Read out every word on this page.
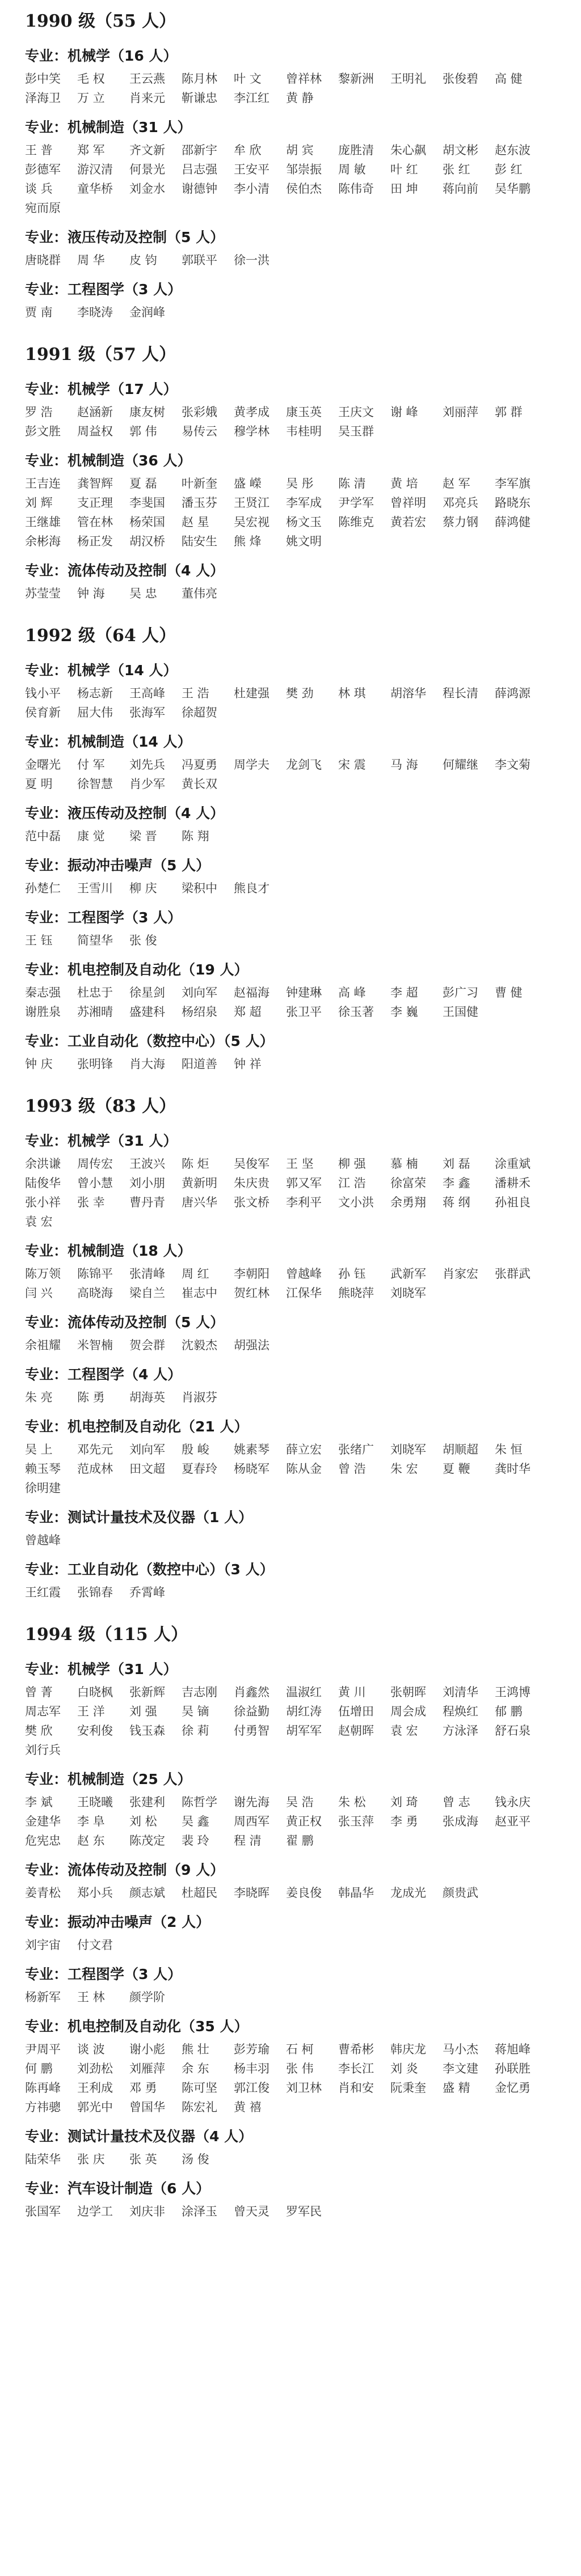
1990 级（55 人）
专业：机械学（16 人）
彭中笑	毛 权	王云燕	陈月林	叶 文	曾祥林	黎新洲	王明礼	张俊碧	高 健
泽海卫	万 立	肖来元	靳谦忠	李江红	黄 静
专业：机械制造（31 人）
王 普	郑 军	齐文新	邵新宇	牟 欣	胡 宾	庞胜清	朱心飙	胡文彬	赵东波
彭德军	游汉清	何景光	吕志强	王安平	邹崇振	周 敏	叶 红	张 红	彭 红
谈 兵	童华桥	刘金水	谢德钟	李小清	侯伯杰	陈伟奇	田 坤	蒋向前	吴华鹏
宛而原
专业：液压传动及控制（5 人）
唐晓群	周 华	皮 钧	郭联平	徐一洪
专业：工程图学（3 人）
贾 南	李晓涛	金润峰
1991 级（57 人）
专业：机械学（17 人）
罗 浩	赵涵新	康友树	张彩娥	黄孝成	康玉英	王庆文	谢 峰	刘丽萍	郭 群
彭文胜	周益权	郭 伟	易传云	穆学林	韦桂明	吴玉群
专业：机械制造（36 人）
王吉连	龚智辉	夏 磊	叶新奎	盛 嶸	吴 彤	陈 清	黄 培	赵 军	李军旗
刘 辉	支正理	李斐国	潘玉芬	王贤江	李军成	尹学军	曾祥明	邓亮兵	路晓东
王继雄	管在林	杨荣国	赵 星	吴宏视	杨文玉	陈维克	黄若宏	蔡力钢	薛鸿健
余彬海	杨正发	胡汉桥	陆安生	熊 烽	姚文明
专业：流体传动及控制（4 人）
苏莹莹	钟 海	吴 忠	董伟亮
1992 级（64 人）
专业：机械学（14 人）
钱小平	杨志新	王高峰	王 浩	杜建强	樊 劲	林 琪	胡溶华	程长清	薛鸿源
侯育新	屈大伟	张海军	徐超贺
专业：机械制造（14 人）
金曙光	付 军	刘先兵	冯夏勇	周学夫	龙剑飞	宋 震	马 海	何耀继	李文菊
夏 明	徐智慧	肖少军	黄长双
专业：液压传动及控制（4 人）
范中磊	康 觉	梁 晋	陈 翔
专业：振动冲击噪声（5 人）
孙楚仁	王雪川	柳 庆	梁积中	熊良才
专业：工程图学（3 人）
王 钰	简望华	张 俊
专业：机电控制及自动化（19 人）
秦志强	杜忠于	徐星剑	刘向军	赵福海	钟建琳	高 峰	李 超	彭广习	曹 健
谢胜泉	苏湘晴	盛建科	杨绍泉	郑 超	张卫平	徐玉著	李 巍	王国健
专业：工业自动化（数控中心）（5 人）
钟 庆	张明锋	肖大海	阳道善	钟 祥
1993 级（83 人）
专业：机械学（31 人）
余洪谦	周传宏	王波兴	陈 炬	吴俊军	王 坚	柳 强	慕 楠	刘 磊	涂重斌
陆俊华	曾小慧	刘小朋	黄新明	朱庆贵	郭又军	江 浩	徐富荣	李 鑫	潘耕禾
张小祥	张 幸	曹丹青	唐兴华	张文桥	李利平	文小洪	余勇翔	蒋 纲	孙祖良
袁 宏
专业：机械制造（18 人）
陈万领	陈锦平	张清峰	周 红	李朝阳	曾越峰	孙 钰	武新军	肖家宏	张群武
闫 兴	高晓海	梁自兰	崔志中	贺红林	江保华	熊晓萍	刘晓军
专业：流体传动及控制（5 人）
余祖耀	米智楠	贺会群	沈毅杰	胡强法
专业：工程图学（4 人）
朱 亮	陈 勇	胡海英	肖淑芬
专业：机电控制及自动化（21 人）
吴 上	邓先元	刘向军	殷 峻	姚素琴	薛立宏	张绪广	刘晓军	胡顺超	朱 恒
赖玉琴	范成林	田文超	夏春玲	杨晓军	陈从金	曾 浩	朱 宏	夏 鞭	龚时华
徐明建
专业：测试计量技术及仪器（1 人）
曾越峰
专业：工业自动化（数控中心）（3 人）
王红霞	张锦春	乔霄峰
1994 级（115 人）
专业：机械学（31 人）
曾 菁	白晓枫	张新辉	吉志刚	肖鑫然	温淑红	黄 川	张朝晖	刘清华	王鸿博
周志军	王 洋	刘 强	吴 镝	徐益勤	胡红涛	伍增田	周会成	程焕红	郁 鹏
樊 欣	安利俊	钱玉森	徐 莉	付勇智	胡军军	赵朝晖	袁 宏	方泳泽	舒石泉
刘行兵
专业：机械制造（25 人）
李 斌	王晓曦	张建利	陈哲学	谢先海	吴 浩	朱 松	刘 琦	曾 志	钱永庆
金建华	李 阜	刘 松	吴 鑫	周西军	黄正权	张玉萍	李 勇	张成海	赵亚平
危宪忠	赵 东	陈茂定	裴 玲	程 清	翟 鹏
专业：流体传动及控制（9 人）
姜青松	郑小兵	颜志斌	杜超民	李晓晖	姜良俊	韩晶华	龙成光	颜贵武
专业：振动冲击噪声（2 人）
刘宇宙	付文君
专业：工程图学（3 人）
杨新军	王 林	颜学阶
专业：机电控制及自动化（35 人）
尹周平	谈 波	谢小彪	熊 壮	彭芳瑜	石 柯	曹希彬	韩庆龙	马小杰	蒋旭峰
何 鹏	刘劲松	刘雁萍	余 东	杨丰羽	张 伟	李长江	刘 炎	李文建	孙联胜
陈再峰	王利成	邓 勇	陈可坚	郭江俊	刘卫林	肖和安	阮秉奎	盛 精	金忆勇
方祎骢	郭光中	曾国华	陈宏礼	黄 禧
专业：测试计量技术及仪器（4 人）
陆荣华	张 庆	张 英	汤 俊
专业：汽车设计制造（6 人）
张国军	边学工	刘庆非	涂泽玉	曾天灵	罗军民
